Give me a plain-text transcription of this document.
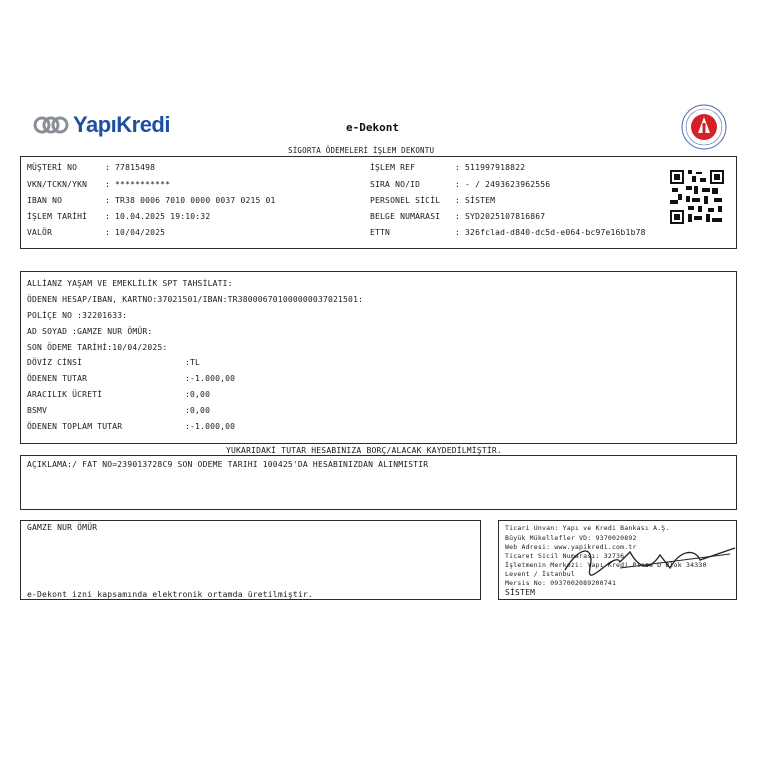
YapıKredi	e-Dekont
SİGORTA ÖDEMELERİ İŞLEM DEKONTU
MÜŞTERİ NO	: 77815498
VKN/TCKN/YKN : ***********
IBAN NO	: TR38 0006 7010 0000 0037 0215 01
İŞLEM TARİHİ : 10.04.2025 19:10:32
VALÖR	: 10/04/2025
İŞLEM REF	: 511997918822
SIRA NO/ID	: - / 2493623962556
PERSONEL SİCİL : SİSTEM
BELGE NUMARASI : SYD2025107816867
ETTN	: 326fclad-d840-dc5d-e064-bc97e16b1b78
ALLİANZ YAŞAM VE EMEKLİLİK SPT TAHSİLATI:
ÖDENEN HESAP/IBAN, KARTNO:37021501/IBAN:TR380006701000000037021501:
POLİÇE NO :32201633:
AD SOYAD :GAMZE NUR ÖMÜR:
SON ÖDEME TARİHİ:10/04/2025:
DÖVİZ CİNSİ	:TL
ÖDENEN TUTAR	:-1.000,00
ARACILIK ÜCRETİ	:0,00
BSMV	:0,00
ÖDENEN TOPLAM TUTAR	:-1.000,00
YUKARIDAKİ TUTAR HESABINIZA BORÇ/ALACAK KAYDEDİLMİŞTİR.
AÇIKLAMA:/ FAT NO=239013728C9 SON ODEME TARIHI 100425'DA HESABINIZDAN ALINMISTIR
GAMZE NUR ÖMÜR
e-Dekont izni kapsamında elektronik ortamda üretilmiştir.
Ticari Unvan: Yapı ve Kredi Bankası A.Ş.
Büyük Mükellefler VD: 9370020892
Web Adresi: www.yapikredi.com.tr
Ticaret Sicil Numarası: 32736
İşletmenin Merkezi: Yapı Kredi Plaza D Blok 34330
Levent / İstanbul
Mersis No: 0937002089200741
SİSTEM
